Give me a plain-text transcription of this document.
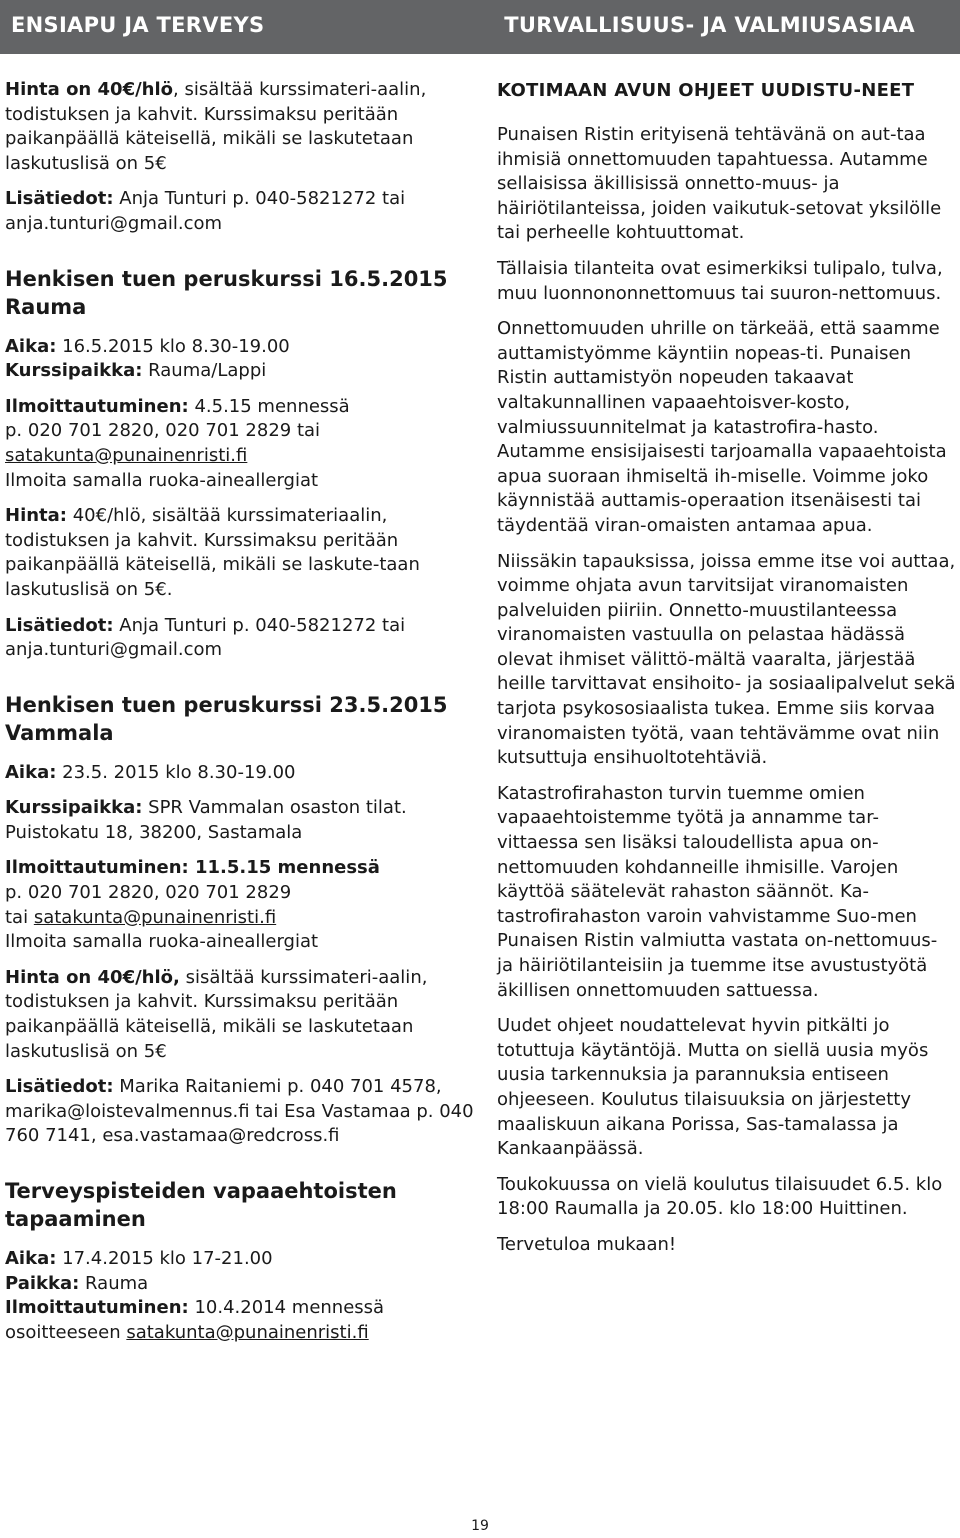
ENSIAPU JA TERVEYS	TURVALLISUUS- JA VALMIUSASIAA

Hinta on 40€/hlö, sisältää kurssimateri-aalin, todistuksen ja kahvit. Kurssimaksu peritään paikanpäällä käteisellä, mikäli se laskutetaan laskutuslisä on 5€

Lisätiedot: Anja Tunturi p. 040-5821272 tai anja.tunturi@gmail.com

Henkisen tuen peruskurssi 16.5.2015 Rauma

Aika: 16.5.2015 klo 8.30-19.00

Kurssipaikka: Rauma/Lappi

Ilmoittautuminen: 4.5.15 mennessä

p. 020 701 2820, 020 701 2829 tai

satakunta@punainenristi.fi

Ilmoita samalla ruoka-aineallergiat

Hinta: 40€/hlö, sisältää kurssimateriaalin, todistuksen ja kahvit. Kurssimaksu peritään paikanpäällä käteisellä, mikäli se laskute-taan laskutuslisä on 5€.

Lisätiedot: Anja Tunturi p. 040-5821272 tai anja.tunturi@gmail.com

Henkisen tuen peruskurssi 23.5.2015 Vammala

Aika: 23.5. 2015 klo 8.30-19.00

Kurssipaikka: SPR Vammalan osaston tilat. Puistokatu 18, 38200, Sastamala

Ilmoittautuminen: 11.5.15 mennessä

p. 020 701 2820, 020 701 2829

tai satakunta@punainenristi.fi

Ilmoita samalla ruoka-aineallergiat

Hinta on 40€/hlö, sisältää kurssimateri-aalin, todistuksen ja kahvit. Kurssimaksu peritään paikanpäällä käteisellä, mikäli se laskutetaan laskutuslisä on 5€

Lisätiedot: Marika Raitaniemi p. 040 701 4578, marika@loistevalmennus.fi tai Esa Vastamaa p. 040 760 7141, esa.vastamaa@redcross.fi

Terveyspisteiden vapaaehtoisten tapaaminen

Aika: 17.4.2015 klo 17-21.00

Paikka: Rauma

Ilmoittautuminen: 10.4.2014 mennessä

osoitteeseen satakunta@punainenristi.fi

KOTIMAAN AVUN OHJEET UUDISTU-NEET

Punaisen Ristin erityisenä tehtävänä on aut-taa ihmisiä onnettomuuden tapahtuessa. Autamme sellaisissa äkillisissä onnetto-muus- ja häiriötilanteissa, joiden vaikutuk-setovat yksilölle tai perheelle kohtuuttomat.

Tällaisia tilanteita ovat esimerkiksi tulipalo, tulva, muu luonnononnettomuus tai suuron-nettomuus.

Onnettomuuden uhrille on tärkeää, että saamme auttamistyömme käyntiin nopeas-ti. Punaisen Ristin auttamistyön nopeuden takaavat valtakunnallinen vapaaehtoisver-kosto, valmiussuunnitelmat ja katastrofira-hasto. Autamme ensisijaisesti tarjoamalla vapaaehtoista apua suoraan ihmiseltä ih-miselle. Voimme joko käynnistää auttamis-operaation itsenäisesti tai täydentää viran-omaisten antamaa apua.

Niissäkin tapauksissa, joissa emme itse voi auttaa, voimme ohjata avun tarvitsijat viranomaisten palveluiden piiriin. Onnetto-muustilanteessa viranomaisten vastuulla on pelastaa hädässä olevat ihmiset välittö-mältä vaaralta, järjestää heille tarvittavat ensihoito- ja sosiaalipalvelut sekä tarjota psykososiaalista tukea. Emme siis korvaa viranomaisten työtä, vaan tehtävämme ovat niin kutsuttuja ensihuoltotehtäviä.

Katastrofirahaston turvin tuemme omien vapaaehtoistemme työtä ja annamme tar-vittaessa sen lisäksi taloudellista apua on-nettomuuden kohdanneille ihmisille. Varojen käyttöä säätelevät rahaston säännöt. Ka-tastrofirahaston varoin vahvistamme Suo-men Punaisen Ristin valmiutta vastata on-nettomuus- ja häiriötilanteisiin ja tuemme itse avustustyötä äkillisen onnettomuuden sattuessa.

Uudet ohjeet noudattelevat hyvin pitkälti jo totuttuja käytäntöjä. Mutta on siellä uusia myös uusia tarkennuksia ja parannuksia entiseen ohjeeseen. Koulutus tilaisuuksia on järjestetty maaliskuun aikana Porissa, Sas-tamalassa ja Kankaanpäässä.

Toukokuussa on vielä koulutus tilaisuudet 6.5. klo 18:00 Raumalla ja 20.05. klo 18:00 Huittinen.

Tervetuloa mukaan!

19
